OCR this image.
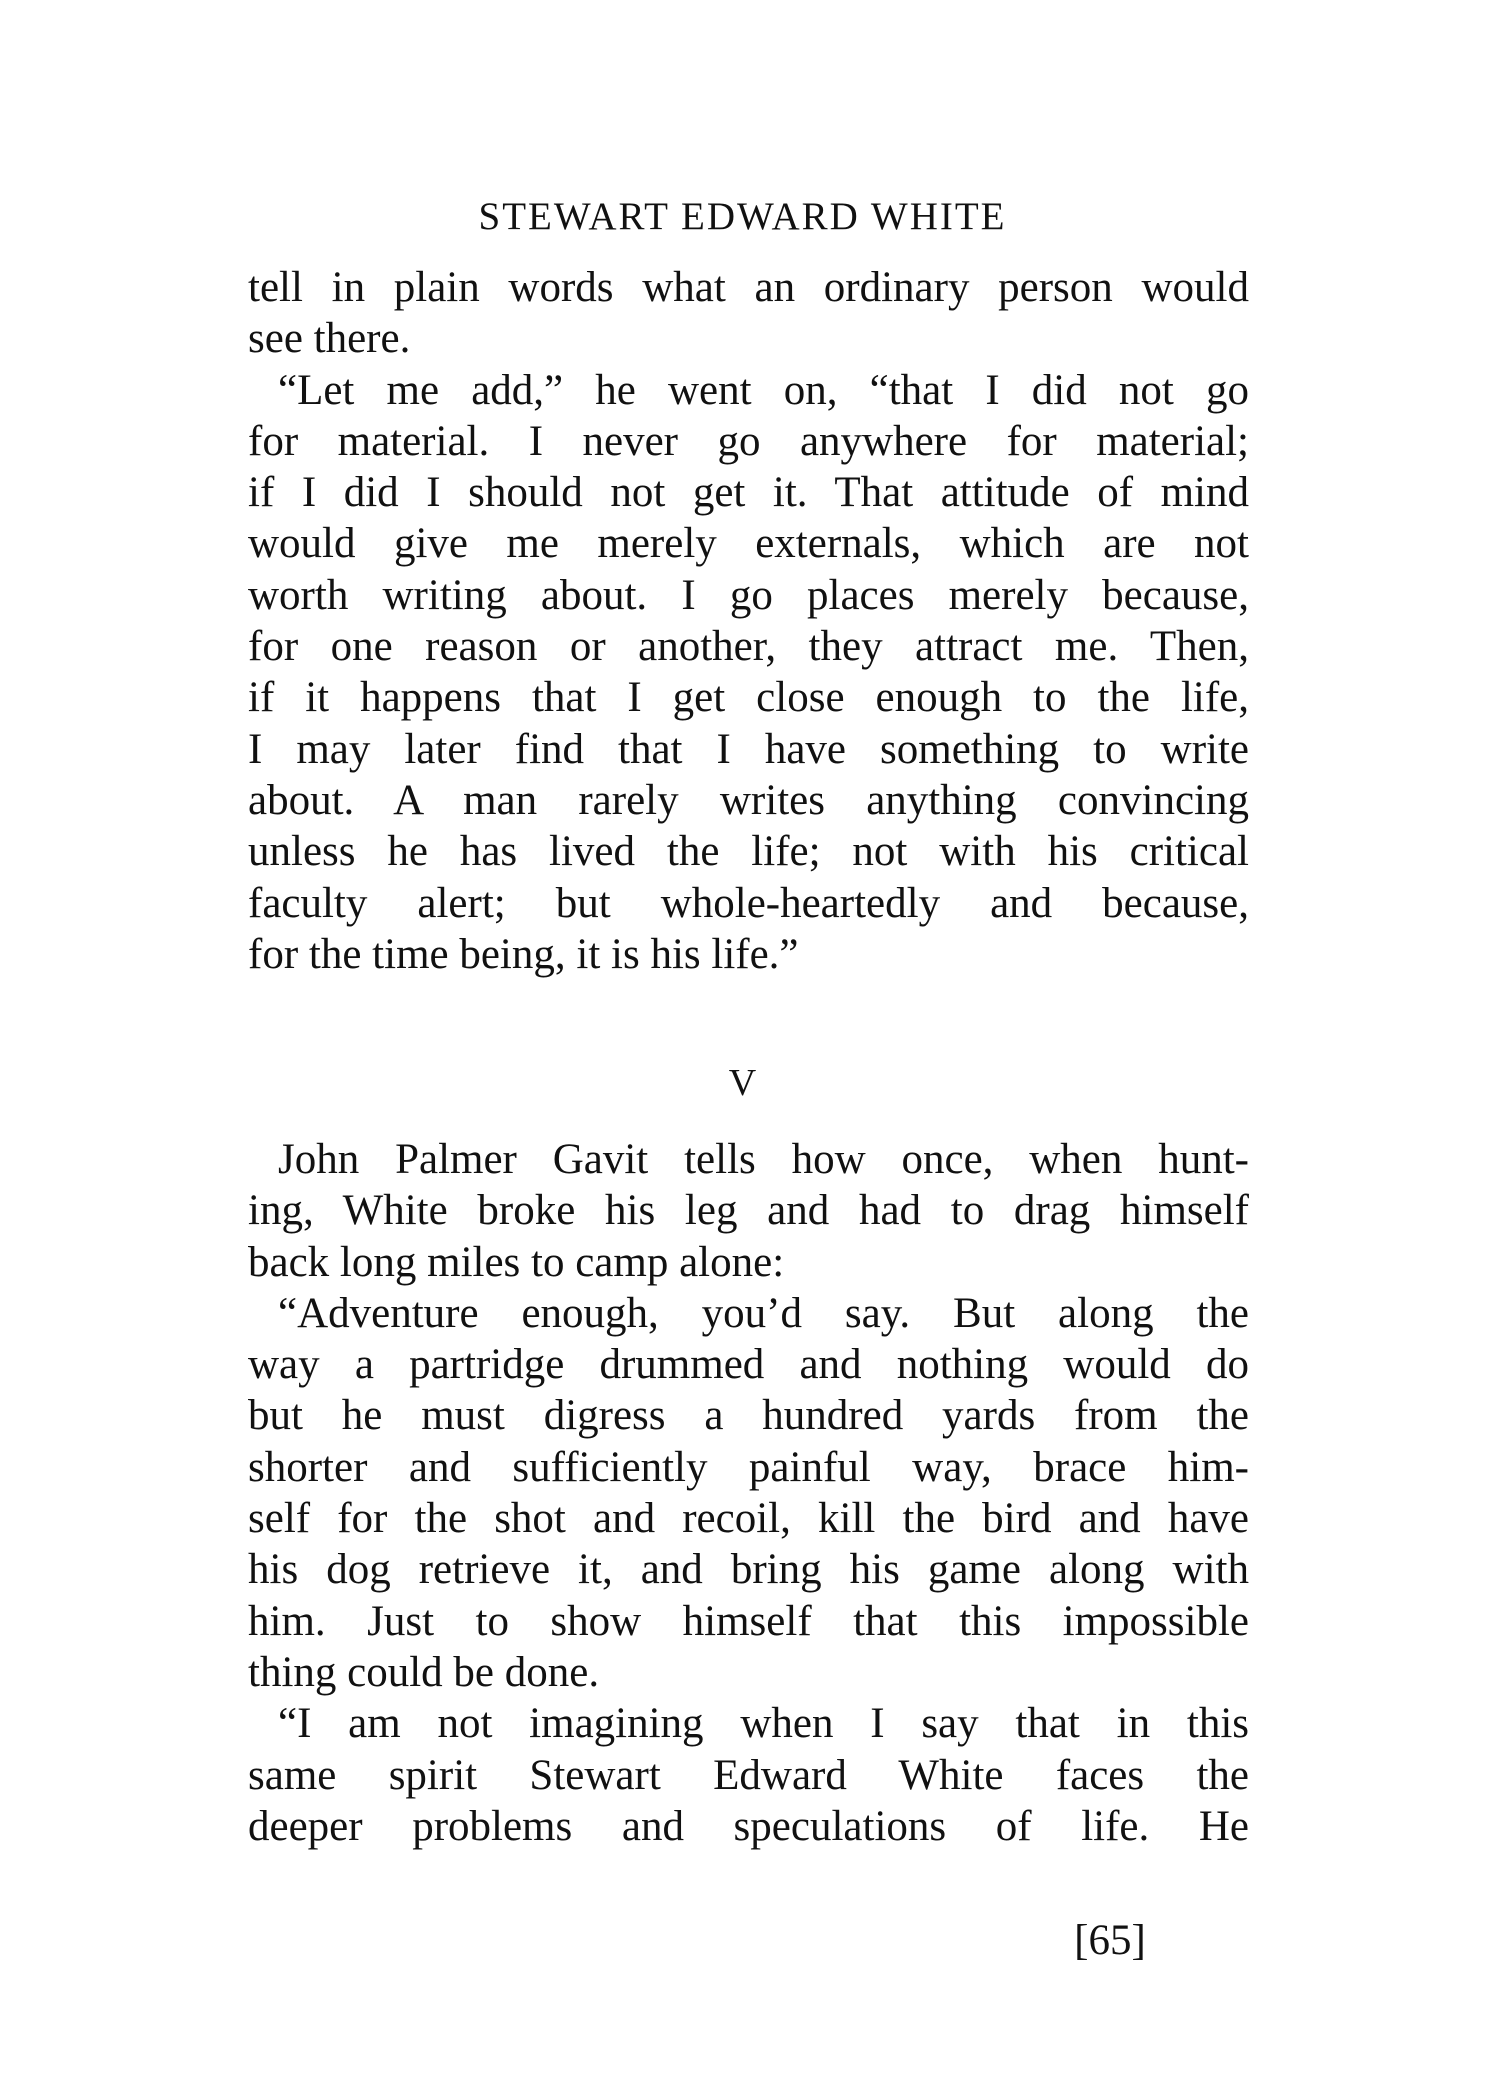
STEWART EDWARD WHITE
tell in plain words what an ordinary person would
see there.
“Let me add,” he went on, “that I did not go
for material. I never go anywhere for material;
if I did I should not get it. That attitude of mind
would give me merely externals, which are not
worth writing about. I go places merely because,
for one reason or another, they attract me. Then,
if it happens that I get close enough to the life,
I may later find that I have something to write
about. A man rarely writes anything convincing
unless he has lived the life; not with his critical
faculty alert; but whole-heartedly and because,
for the time being, it is his life.”
V
John Palmer Gavit tells how once, when hunt-
ing, White broke his leg and had to drag himself
back long miles to camp alone:
“Adventure enough, you’d say. But along the
way a partridge drummed and nothing would do
but he must digress a hundred yards from the
shorter and sufficiently painful way, brace him-
self for the shot and recoil, kill the bird and have
his dog retrieve it, and bring his game along with
him. Just to show himself that this impossible
thing could be done.
“I am not imagining when I say that in this
same spirit Stewart Edward White faces the
deeper problems and speculations of life. He
[65]
